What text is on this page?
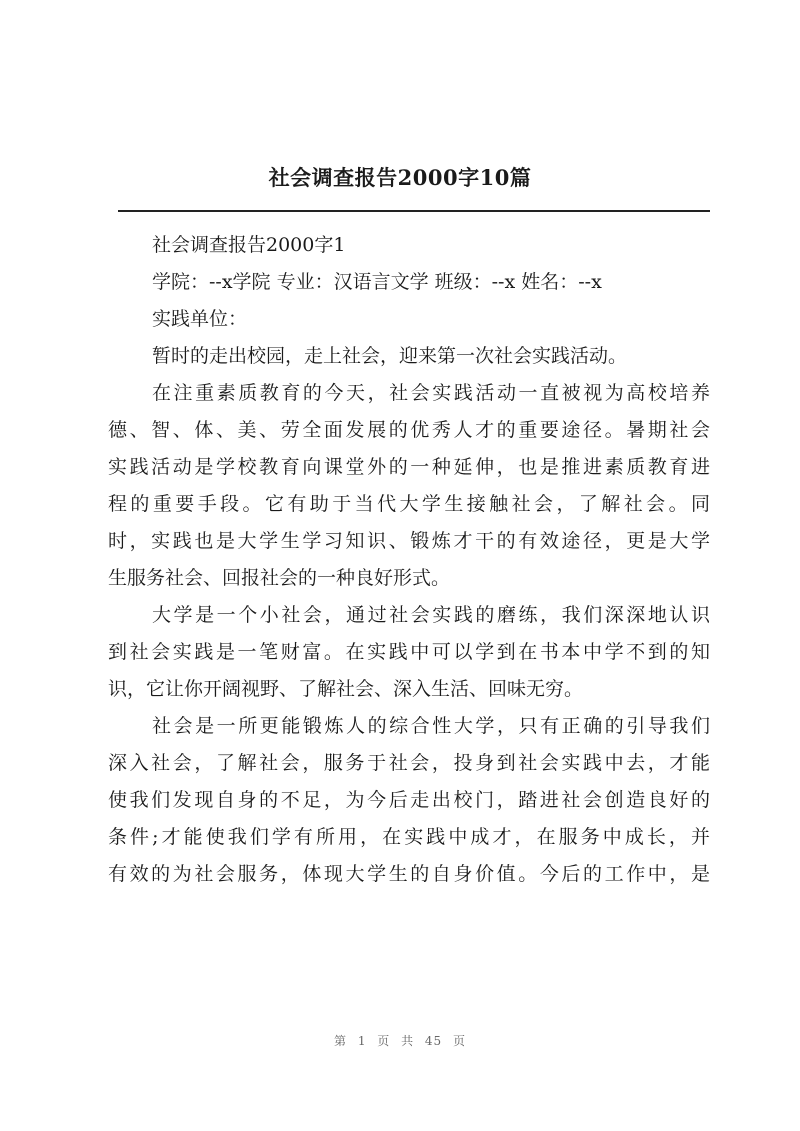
社会调查报告2000字10篇
社会调查报告2000字1
学院：--x学院 专业：汉语言文学 班级：--x 姓名：--x
实践单位：
暂时的走出校园，走上社会，迎来第一次社会实践活动。
在注重素质教育的今天，社会实践活动一直被视为高校培养
德、智、体、美、劳全面发展的优秀人才的重要途径。暑期社会
实践活动是学校教育向课堂外的一种延伸，也是推进素质教育进
程的重要手段。它有助于当代大学生接触社会，了解社会。同
时，实践也是大学生学习知识、锻炼才干的有效途径，更是大学
生服务社会、回报社会的一种良好形式。
大学是一个小社会，通过社会实践的磨练，我们深深地认识
到社会实践是一笔财富。在实践中可以学到在书本中学不到的知
识，它让你开阔视野、了解社会、深入生活、回味无穷。
社会是一所更能锻炼人的综合性大学，只有正确的引导我们
深入社会，了解社会，服务于社会，投身到社会实践中去，才能
使我们发现自身的不足，为今后走出校门，踏进社会创造良好的
条件;才能使我们学有所用，在实践中成才，在服务中成长，并
有效的为社会服务，体现大学生的自身价值。今后的工作中，是
第 1 页 共 45 页
